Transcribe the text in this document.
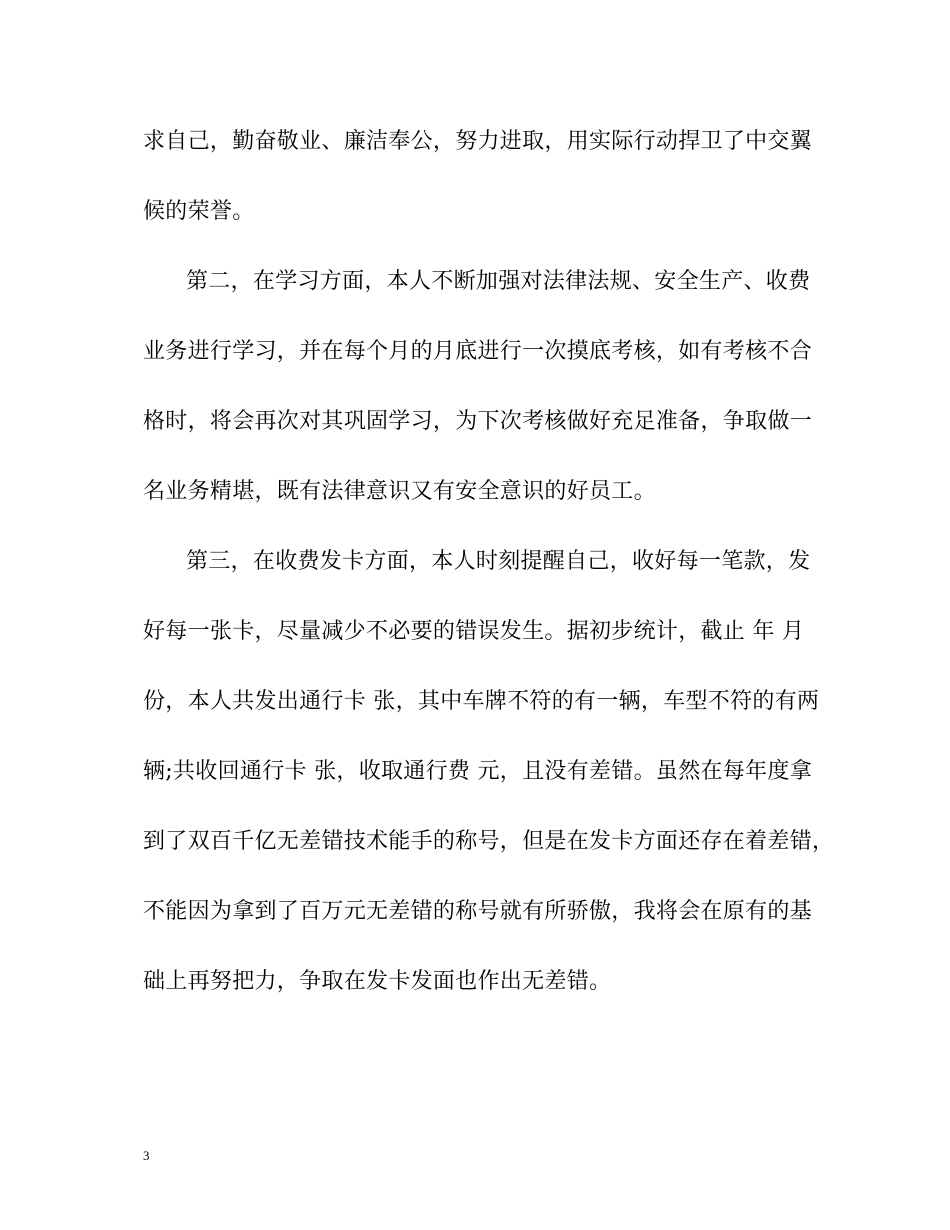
求自己，勤奋敬业、廉洁奉公，努力进取，用实际行动捍卫了中交翼
候的荣誉。
第二，在学习方面，本人不断加强对法律法规、安全生产、收费
业务进行学习，并在每个月的月底进行一次摸底考核，如有考核不合
格时，将会再次对其巩固学习，为下次考核做好充足准备，争取做一
名业务精堪，既有法律意识又有安全意识的好员工。
第三，在收费发卡方面，本人时刻提醒自己，收好每一笔款，发
好每一张卡，尽量减少不必要的错误发生。据初步统计，截止 年 月
份，本人共发出通行卡 张，其中车牌不符的有一辆，车型不符的有两
辆;共收回通行卡 张，收取通行费 元，且没有差错。虽然在每年度拿
到了双百千亿无差错技术能手的称号，但是在发卡方面还存在着差错，
不能因为拿到了百万元无差错的称号就有所骄傲，我将会在原有的基
础上再努把力，争取在发卡发面也作出无差错。
3
